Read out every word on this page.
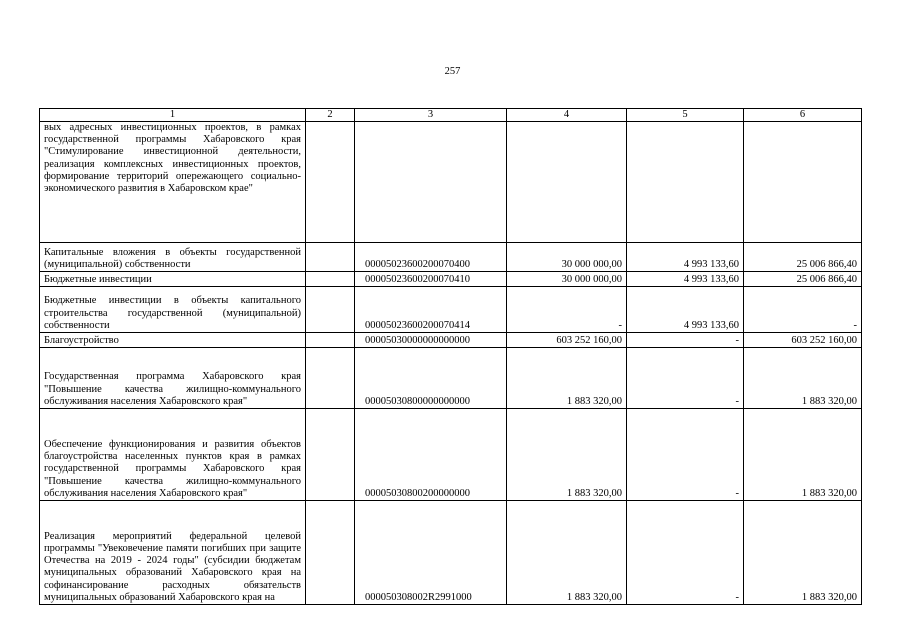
257
1	2	3	4	5	6
вых адресных инвестиционных проектов, в рамках государственной программы Хабаровского края "Стимулирование инвестиционной деятельности, реализация комплексных инвестиционных проектов, формирование территорий опережающего социально-экономического развития в Хабаровском крае"					
Капитальные вложения в объекты государственной (муниципальной) собственности		00005023600200070400	30 000 000,00	4 993 133,60	25 006 866,40
Бюджетные инвестиции		00005023600200070410	30 000 000,00	4 993 133,60	25 006 866,40
Бюджетные инвестиции в объекты капитального строительства государственной (муниципальной) собственности		00005023600200070414	-	4 993 133,60	-
Благоустройство		00005030000000000000	603 252 160,00	-	603 252 160,00
Государственная программа Хабаровского края "Повышение качества жилищно-коммунального обслуживания населения Хабаровского края"		00005030800000000000	1 883 320,00	-	1 883 320,00
Обеспечение функционирования и развития объектов благоустройства населенных пунктов края в рамках государственной программы Хабаровского края "Повышение качества жилищно-коммунального обслуживания населения Хабаровского края"		00005030800200000000	1 883 320,00	-	1 883 320,00
Реализация мероприятий федеральной целевой программы "Увековечение памяти погибших при защите Отечества на 2019 - 2024 годы" (субсидии бюджетам муниципальных образований Хабаровского края на софинансирование расходных обязательств муниципальных образований Хабаровского края на		000050308002R2991000	1 883 320,00	-	1 883 320,00
